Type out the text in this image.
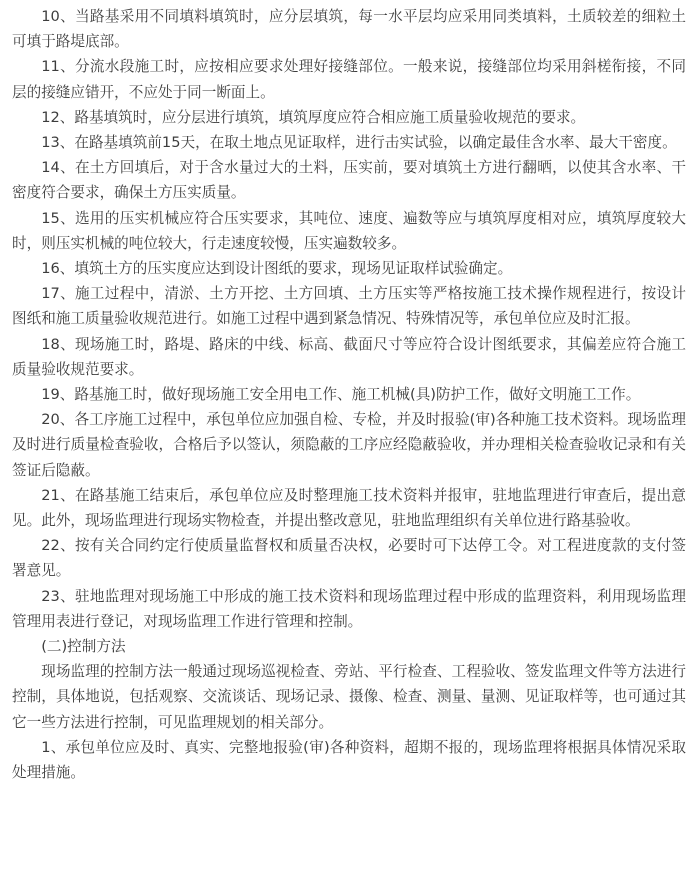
10、当路基采用不同填料填筑时，应分层填筑，每一水平层均应采用同类填料，土质较差的细粒土可填于路堤底部。

11、分流水段施工时，应按相应要求处理好接缝部位。一般来说，接缝部位均采用斜槎衔接，不同层的接缝应错开，不应处于同一断面上。

12、路基填筑时，应分层进行填筑，填筑厚度应符合相应施工质量验收规范的要求。

13、在路基填筑前15天，在取土地点见证取样，进行击实试验，以确定最佳含水率、最大干密度。

14、在土方回填后，对于含水量过大的土料，压实前，要对填筑土方进行翻晒，以使其含水率、干密度符合要求，确保土方压实质量。

15、选用的压实机械应符合压实要求，其吨位、速度、遍数等应与填筑厚度相对应，填筑厚度较大时，则压实机械的吨位较大，行走速度较慢，压实遍数较多。

16、填筑土方的压实度应达到设计图纸的要求，现场见证取样试验确定。

17、施工过程中，清淤、土方开挖、土方回填、土方压实等严格按施工技术操作规程进行，按设计图纸和施工质量验收规范进行。如施工过程中遇到紧急情况、特殊情况等，承包单位应及时汇报。

18、现场施工时，路堤、路床的中线、标高、截面尺寸等应符合设计图纸要求，其偏差应符合施工质量验收规范要求。

19、路基施工时，做好现场施工安全用电工作、施工机械(具)防护工作，做好文明施工工作。

20、各工序施工过程中，承包单位应加强自检、专检，并及时报验(审)各种施工技术资料。现场监理及时进行质量检查验收，合格后予以签认，须隐蔽的工序应经隐蔽验收，并办理相关检查验收记录和有关签证后隐蔽。

21、在路基施工结束后，承包单位应及时整理施工技术资料并报审，驻地监理进行审查后，提出意见。此外，现场监理进行现场实物检查，并提出整改意见，驻地监理组织有关单位进行路基验收。

22、按有关合同约定行使质量监督权和质量否决权，必要时可下达停工令。对工程进度款的支付签署意见。

23、驻地监理对现场施工中形成的施工技术资料和现场监理过程中形成的监理资料，利用现场监理管理用表进行登记，对现场监理工作进行管理和控制。

(二)控制方法

现场监理的控制方法一般通过现场巡视检查、旁站、平行检查、工程验收、签发监理文件等方法进行控制，具体地说，包括观察、交流谈话、现场记录、摄像、检查、测量、量测、见证取样等，也可通过其它一些方法进行控制，可见监理规划的相关部分。

1、承包单位应及时、真实、完整地报验(审)各种资料，超期不报的，现场监理将根据具体情况采取处理措施。
